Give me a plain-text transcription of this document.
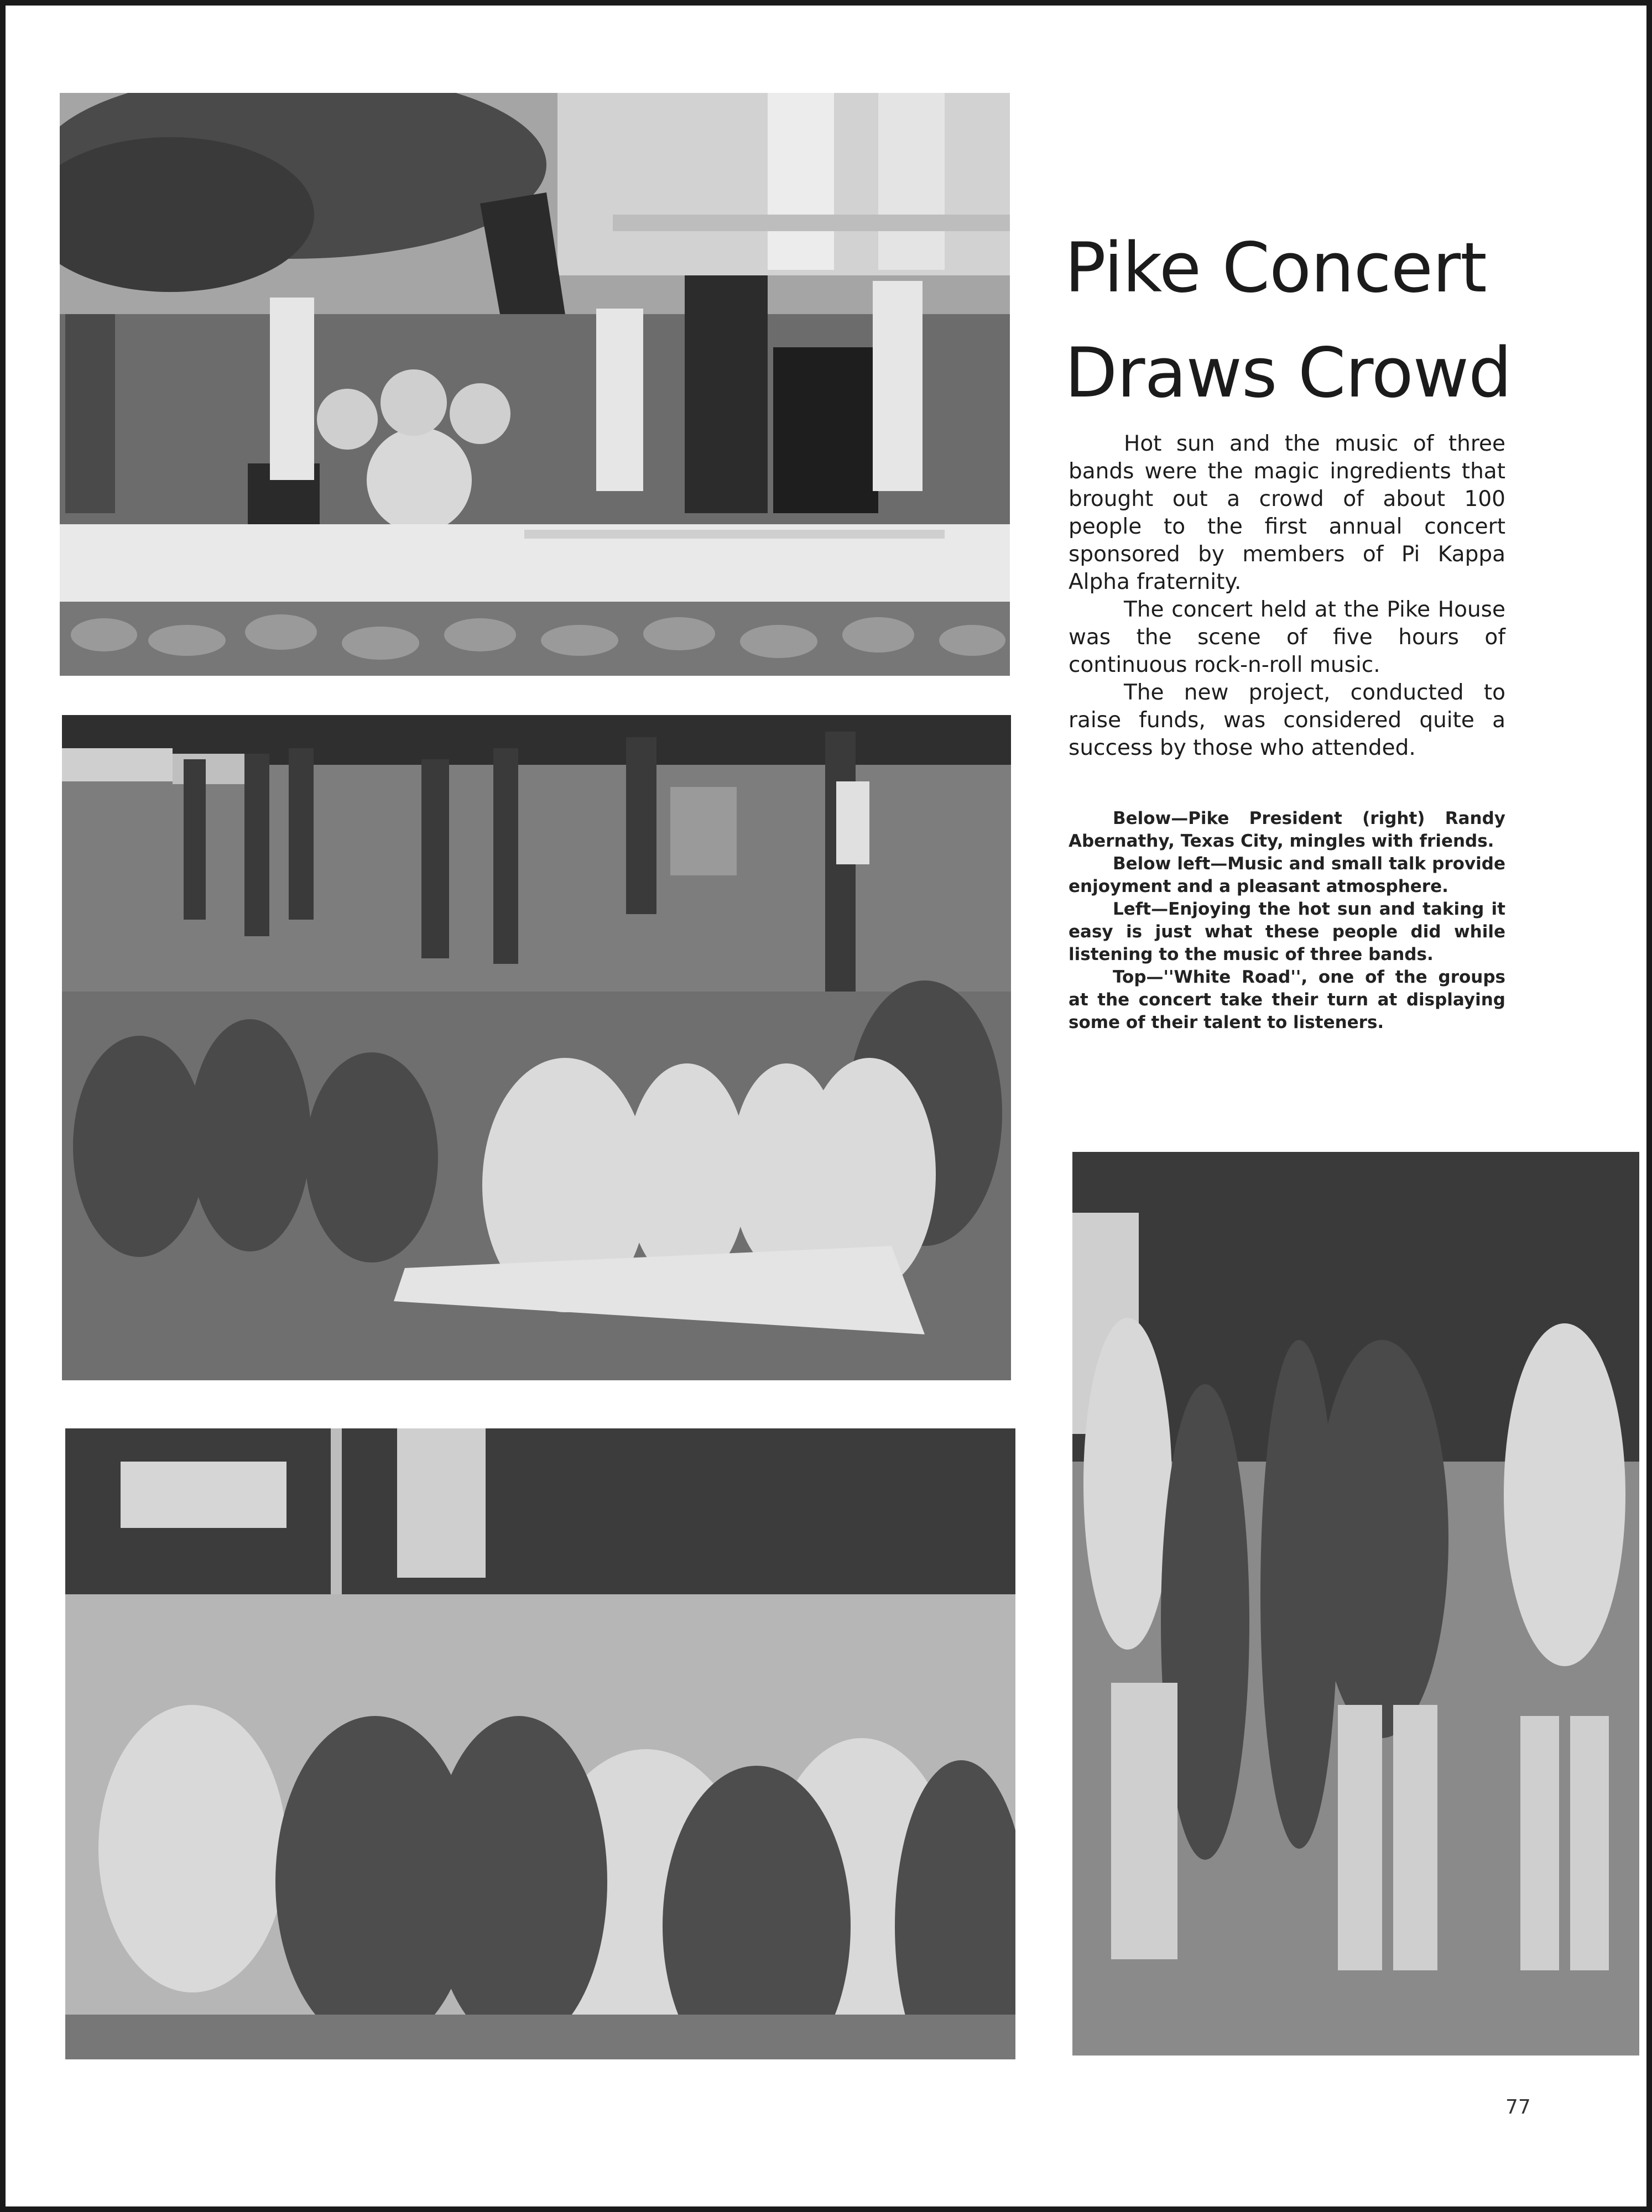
Pike Concert
Draws Crowd

Hot sun and the music of three bands were the magic ingredients that brought out a crowd of about 100 people to the first annual concert sponsored by members of Pi Kappa Alpha fraternity.

The concert held at the Pike House was the scene of five hours of continuous rock-n-roll music.

The new project, conducted to raise funds, was considered quite a success by those who attended.

Below—Pike President (right) Randy Abernathy, Texas City, mingles with friends.

Below left—Music and small talk provide enjoyment and a pleasant atmosphere.

Left—Enjoying the hot sun and taking it easy is just what these people did while listening to the music of three bands.

Top—''White Road'', one of the groups at the concert take their turn at displaying some of their talent to listeners.

77
